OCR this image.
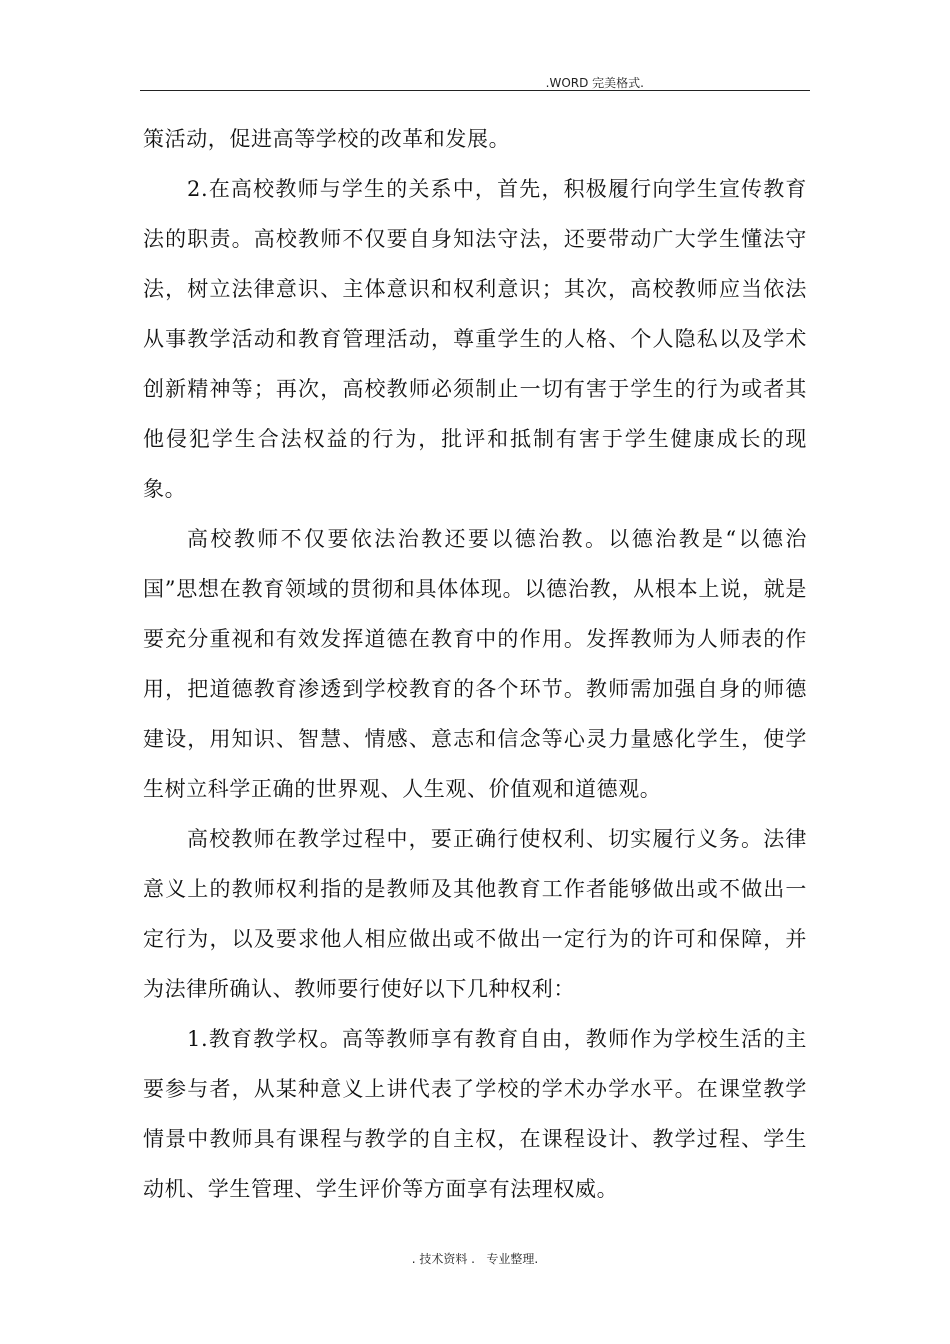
.WORD 完美格式.

策活动，促进高等学校的改革和发展。

2.在高校教师与学生的关系中，首先，积极履行向学生宣传教育法的职责。高校教师不仅要自身知法守法，还要带动广大学生懂法守法，树立法律意识、主体意识和权利意识；其次，高校教师应当依法从事教学活动和教育管理活动，尊重学生的人格、个人隐私以及学术创新精神等；再次，高校教师必须制止一切有害于学生的行为或者其他侵犯学生合法权益的行为，批评和抵制有害于学生健康成长的现象。

高校教师不仅要依法治教还要以德治教。以德治教是“以德治国”思想在教育领域的贯彻和具体体现。以德治教，从根本上说，就是要充分重视和有效发挥道德在教育中的作用。发挥教师为人师表的作用，把道德教育渗透到学校教育的各个环节。教师需加强自身的师德建设，用知识、智慧、情感、意志和信念等心灵力量感化学生，使学生树立科学正确的世界观、人生观、价值观和道德观。

高校教师在教学过程中，要正确行使权利、切实履行义务。法律意义上的教师权利指的是教师及其他教育工作者能够做出或不做出一定行为，以及要求他人相应做出或不做出一定行为的许可和保障，并为法律所确认、教师要行使好以下几种权利：

1.教育教学权。高等教师享有教育自由，教师作为学校生活的主要参与者，从某种意义上讲代表了学校的学术办学水平。在课堂教学情景中教师具有课程与教学的自主权，在课程设计、教学过程、学生动机、学生管理、学生评价等方面享有法理权威。

. 技术资料 .   专业整理.
